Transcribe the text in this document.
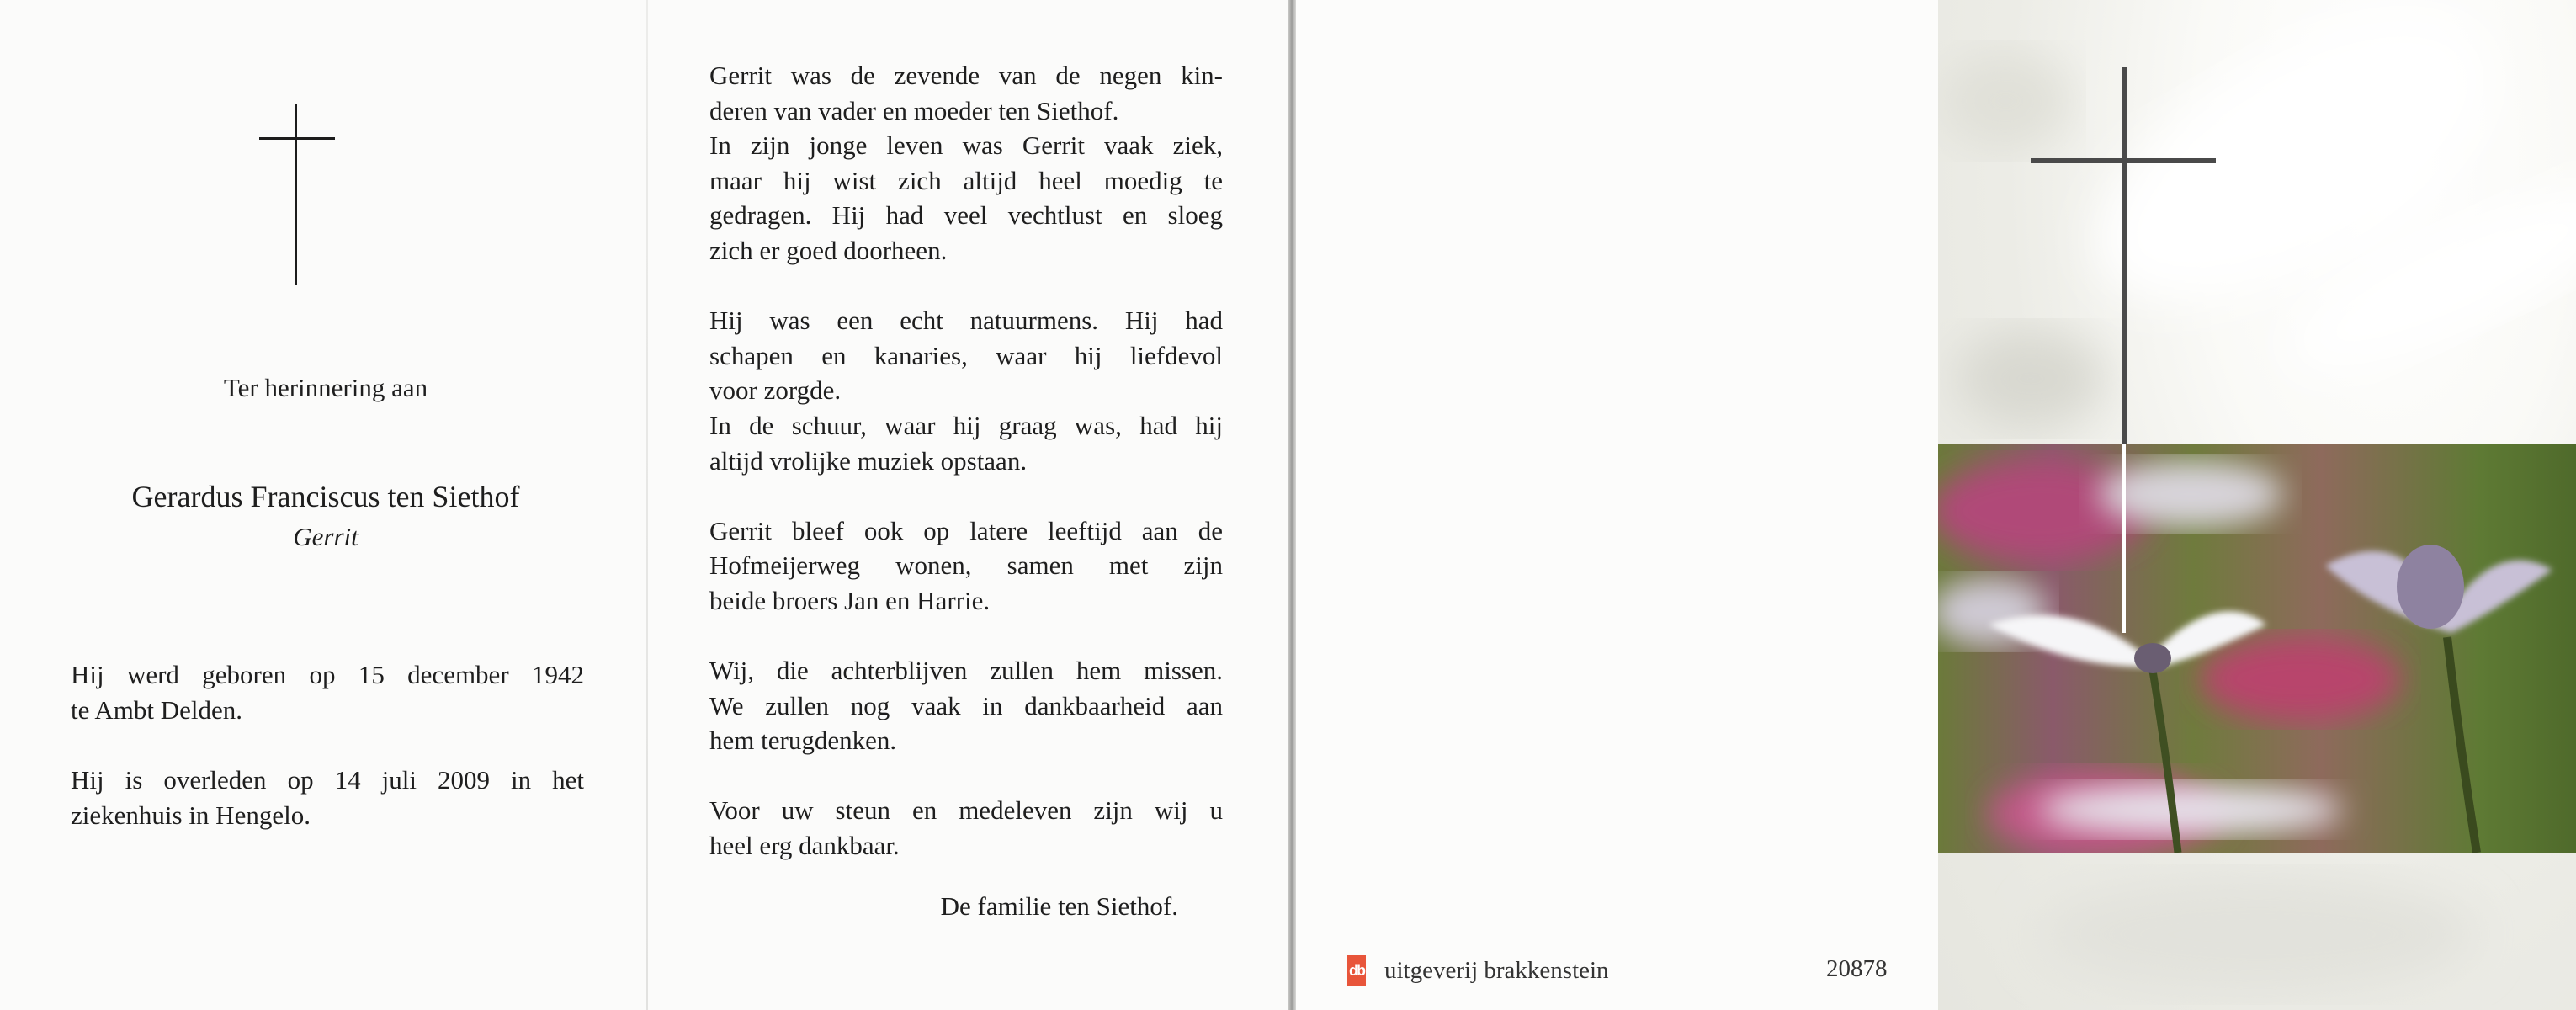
Ter herinnering aan
Gerardus Franciscus ten Siethof
Gerrit
Hij werd geboren op 15 december 1942
te Ambt Delden.
Hij is overleden op 14 juli 2009 in het
ziekenhuis in Hengelo.
Gerrit was de zevende van de negen kin-
deren van vader en moeder ten Siethof.
In zijn jonge leven was Gerrit vaak ziek,
maar hij wist zich altijd heel moedig te
gedragen. Hij had veel vechtlust en sloeg
zich er goed doorheen.
Hij was een echt natuurmens. Hij had
schapen en kanaries, waar hij liefdevol
voor zorgde.
In de schuur, waar hij graag was, had hij
altijd vrolijke muziek opstaan.
Gerrit bleef ook op latere leeftijd aan de
Hofmeijerweg wonen, samen met zijn
beide broers Jan en Harrie.
Wij, die achterblijven zullen hem missen.
We zullen nog vaak in dankbaarheid aan
hem terugdenken.
Voor uw steun en medeleven zijn wij u
heel erg dankbaar.
De familie ten Siethof.
db uitgeverij brakkenstein	20878
